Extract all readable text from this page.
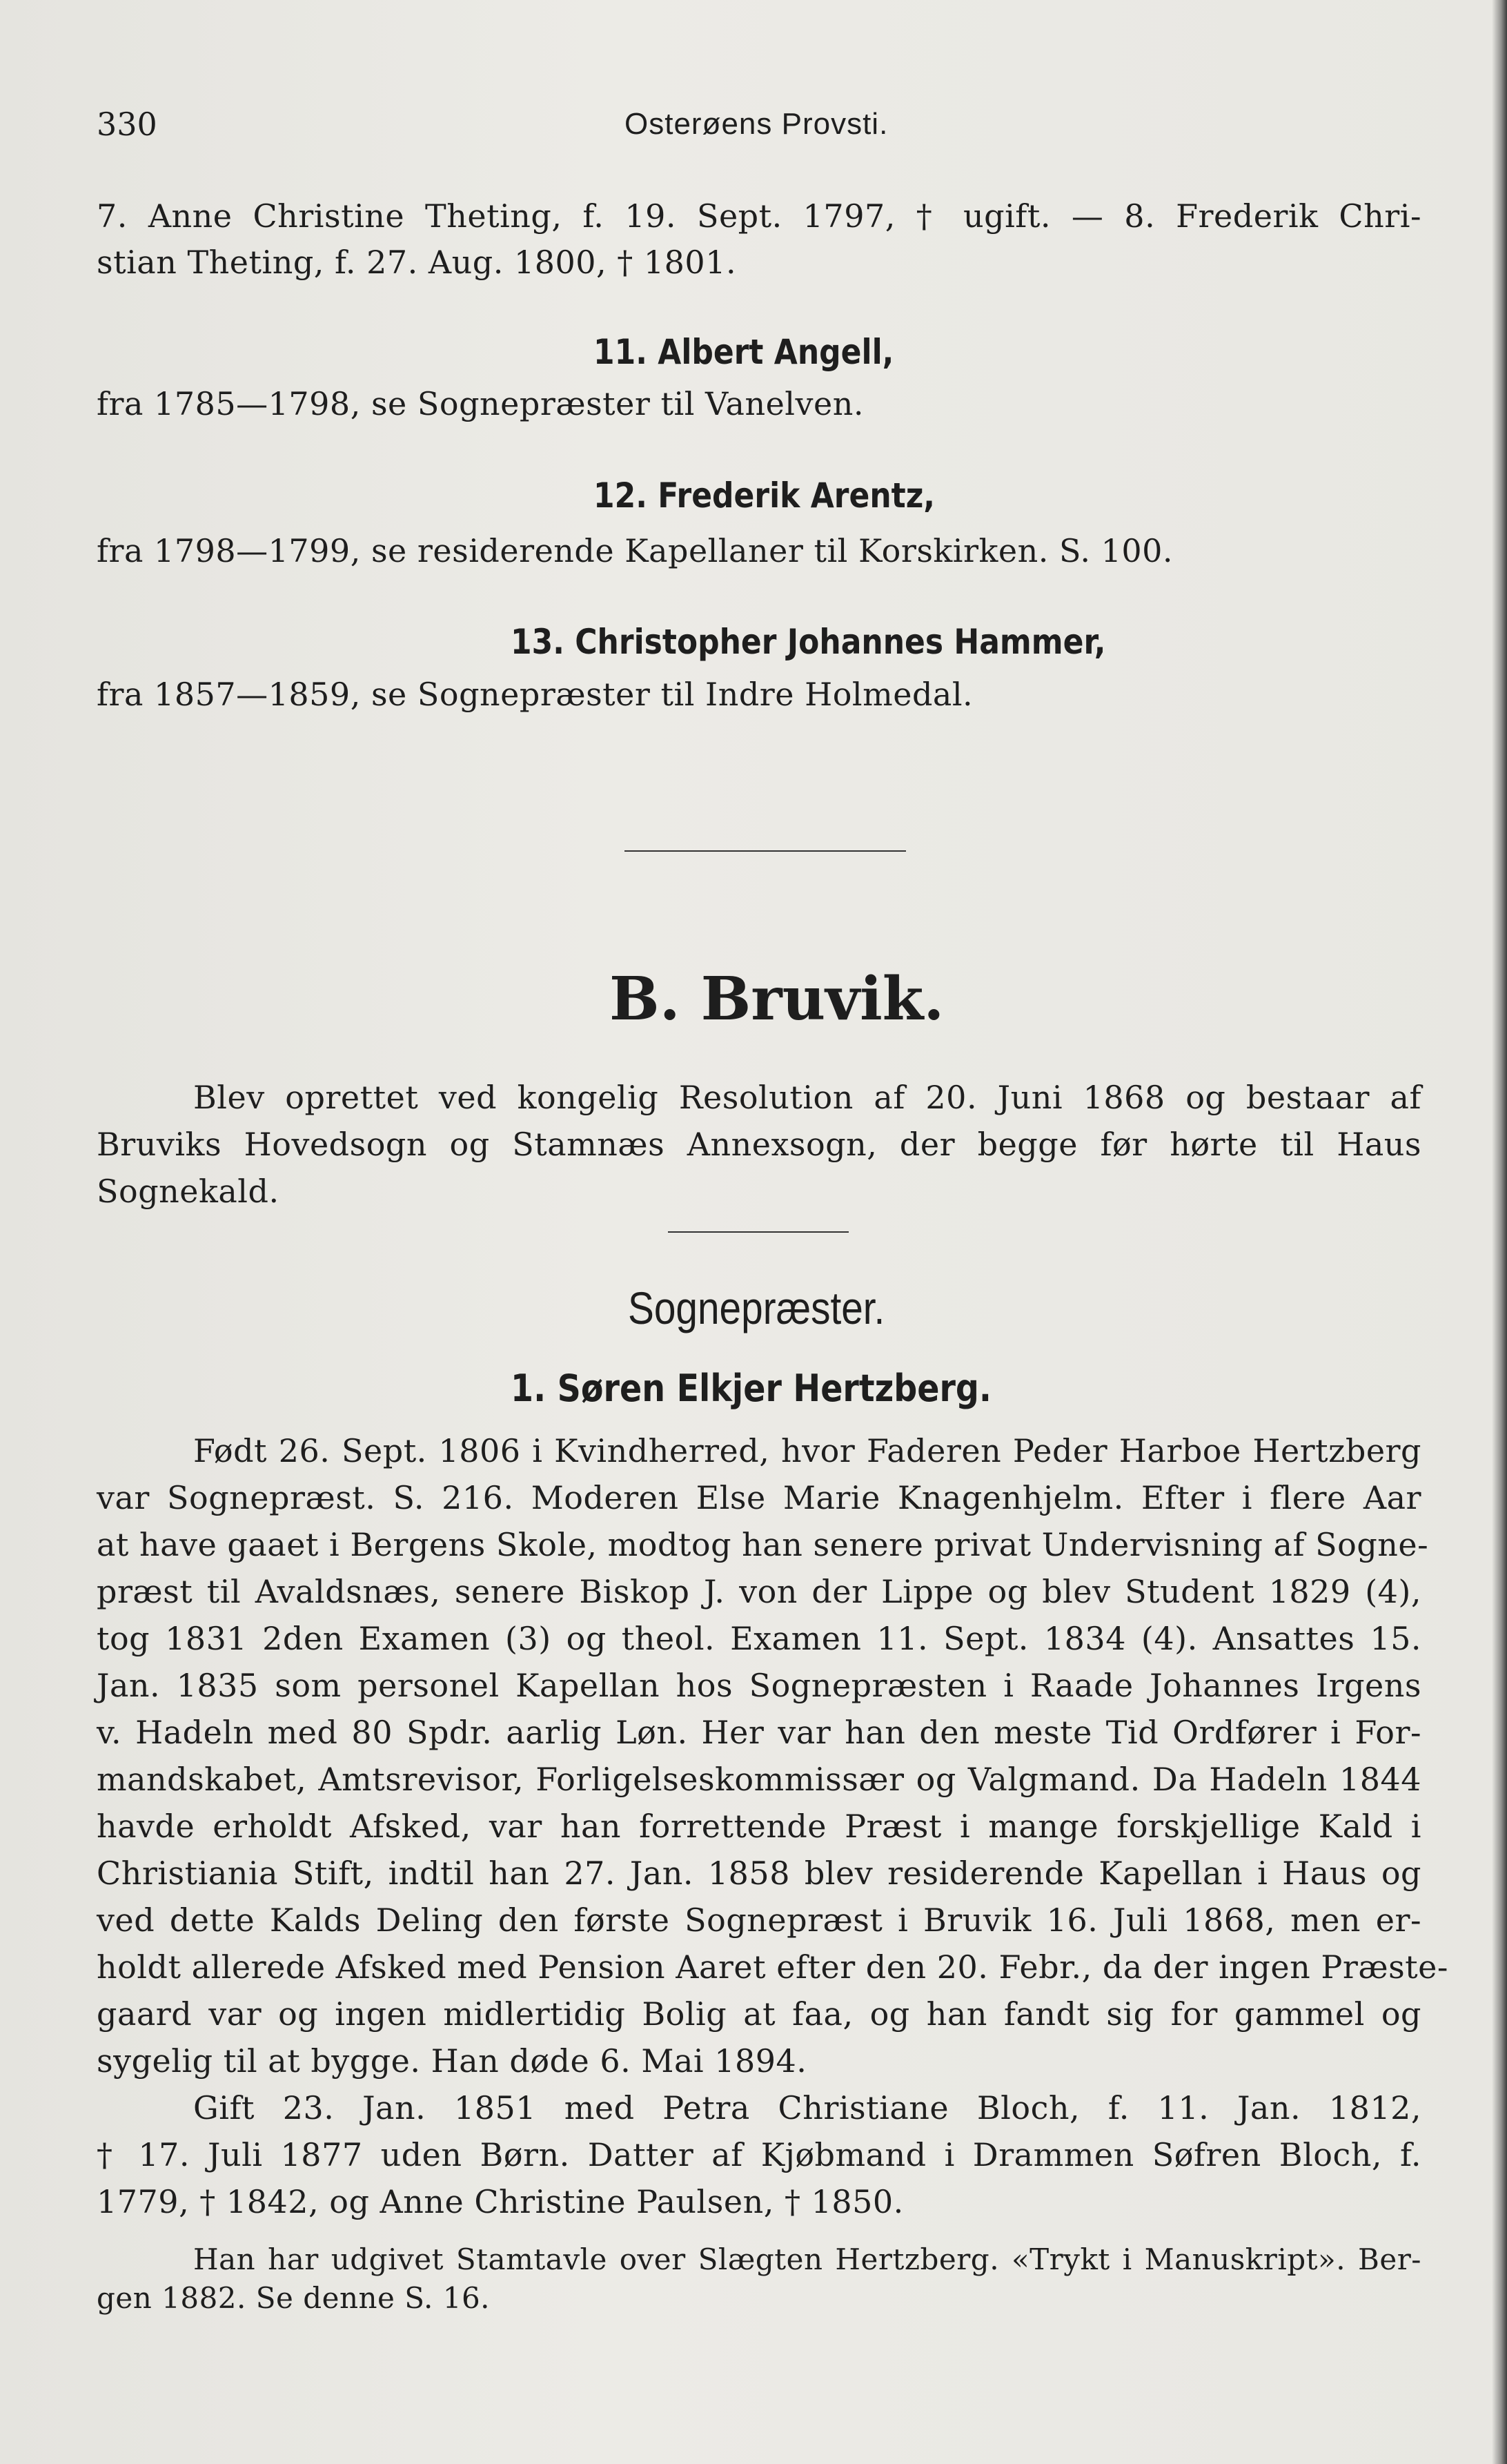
330	Osterøens Provsti.
7. Anne Christine Theting, f. 19. Sept. 1797, † ugift. — 8. Frederik Chri-
stian Theting, f. 27. Aug. 1800, † 1801.
11. Albert Angell,
fra 1785—1798, se Sognepræster til Vanelven.
12. Frederik Arentz,
fra 1798—1799, se residerende Kapellaner til Korskirken. S. 100.
13. Christopher Johannes Hammer,
fra 1857—1859, se Sognepræster til Indre Holmedal.
B. Bruvik.
Blev oprettet ved kongelig Resolution af 20. Juni 1868 og bestaar af
Bruviks Hovedsogn og Stamnæs Annexsogn, der begge før hørte til Haus
Sognekald.
Sognepræster.
1. Søren Elkjer Hertzberg.
Født 26. Sept. 1806 i Kvindherred, hvor Faderen Peder Harboe Hertzberg
var Sognepræst. S. 216. Moderen Else Marie Knagenhjelm. Efter i flere Aar
at have gaaet i Bergens Skole, modtog han senere privat Undervisning af Sogne-
præst til Avaldsnæs, senere Biskop J. von der Lippe og blev Student 1829 (4),
tog 1831 2den Examen (3) og theol. Examen 11. Sept. 1834 (4). Ansattes 15.
Jan. 1835 som personel Kapellan hos Sognepræsten i Raade Johannes Irgens
v. Hadeln med 80 Spdr. aarlig Løn. Her var han den meste Tid Ordfører i For-
mandskabet, Amtsrevisor, Forligelseskommissær og Valgmand. Da Hadeln 1844
havde erholdt Afsked, var han forrettende Præst i mange forskjellige Kald i
Christiania Stift, indtil han 27. Jan. 1858 blev residerende Kapellan i Haus og
ved dette Kalds Deling den første Sognepræst i Bruvik 16. Juli 1868, men er-
holdt allerede Afsked med Pension Aaret efter den 20. Febr., da der ingen Præste-
gaard var og ingen midlertidig Bolig at faa, og han fandt sig for gammel og
sygelig til at bygge. Han døde 6. Mai 1894.
Gift 23. Jan. 1851 med Petra Christiane Bloch, f. 11. Jan. 1812,
† 17. Juli 1877 uden Børn. Datter af Kjøbmand i Drammen Søfren Bloch, f.
1779, † 1842, og Anne Christine Paulsen, † 1850.
Han har udgivet Stamtavle over Slægten Hertzberg. «Trykt i Manuskript». Ber-
gen 1882. Se denne S. 16.
